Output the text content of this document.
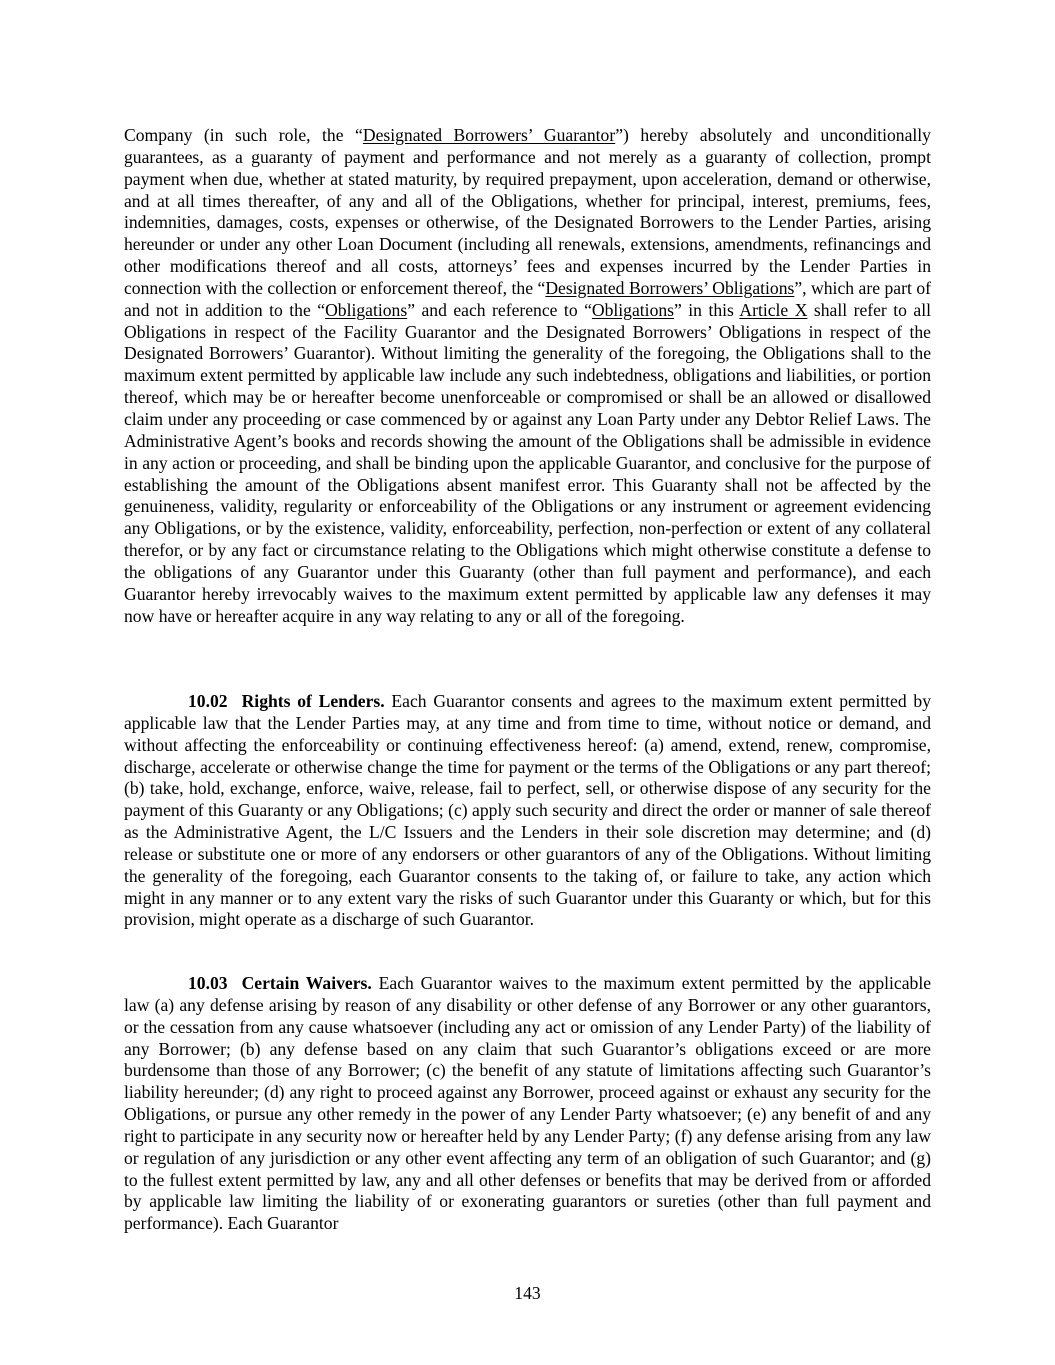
Company (in such role, the “Designated Borrowers’ Guarantor”) hereby absolutely and unconditionally guarantees, as a guaranty of payment and performance and not merely as a guaranty of collection, prompt payment when due, whether at stated maturity, by required prepayment, upon acceleration, demand or otherwise, and at all times thereafter, of any and all of the Obligations, whether for principal, interest, premiums, fees, indemnities, damages, costs, expenses or otherwise, of the Designated Borrowers to the Lender Parties, arising hereunder or under any other Loan Document (including all renewals, extensions, amendments, refinancings and other modifications thereof and all costs, attorneys’ fees and expenses incurred by the Lender Parties in connection with the collection or enforcement thereof, the “Designated Borrowers’ Obligations”, which are part of and not in addition to the “Obligations” and each reference to “Obligations” in this Article X shall refer to all Obligations in respect of the Facility Guarantor and the Designated Borrowers’ Obligations in respect of the Designated Borrowers’ Guarantor). Without limiting the generality of the foregoing, the Obligations shall to the maximum extent permitted by applicable law include any such indebtedness, obligations and liabilities, or portion thereof, which may be or hereafter become unenforceable or compromised or shall be an allowed or disallowed claim under any proceeding or case commenced by or against any Loan Party under any Debtor Relief Laws. The Administrative Agent’s books and records showing the amount of the Obligations shall be admissible in evidence in any action or proceeding, and shall be binding upon the applicable Guarantor, and conclusive for the purpose of establishing the amount of the Obligations absent manifest error. This Guaranty shall not be affected by the genuineness, validity, regularity or enforceability of the Obligations or any instrument or agreement evidencing any Obligations, or by the existence, validity, enforceability, perfection, non-perfection or extent of any collateral therefor, or by any fact or circumstance relating to the Obligations which might otherwise constitute a defense to the obligations of any Guarantor under this Guaranty (other than full payment and performance), and each Guarantor hereby irrevocably waives to the maximum extent permitted by applicable law any defenses it may now have or hereafter acquire in any way relating to any or all of the foregoing.

10.02 Rights of Lenders. Each Guarantor consents and agrees to the maximum extent permitted by applicable law that the Lender Parties may, at any time and from time to time, without notice or demand, and without affecting the enforceability or continuing effectiveness hereof: (a) amend, extend, renew, compromise, discharge, accelerate or otherwise change the time for payment or the terms of the Obligations or any part thereof; (b) take, hold, exchange, enforce, waive, release, fail to perfect, sell, or otherwise dispose of any security for the payment of this Guaranty or any Obligations; (c) apply such security and direct the order or manner of sale thereof as the Administrative Agent, the L/C Issuers and the Lenders in their sole discretion may determine; and (d) release or substitute one or more of any endorsers or other guarantors of any of the Obligations. Without limiting the generality of the foregoing, each Guarantor consents to the taking of, or failure to take, any action which might in any manner or to any extent vary the risks of such Guarantor under this Guaranty or which, but for this provision, might operate as a discharge of such Guarantor.

10.03 Certain Waivers. Each Guarantor waives to the maximum extent permitted by the applicable law (a) any defense arising by reason of any disability or other defense of any Borrower or any other guarantors, or the cessation from any cause whatsoever (including any act or omission of any Lender Party) of the liability of any Borrower; (b) any defense based on any claim that such Guarantor’s obligations exceed or are more burdensome than those of any Borrower; (c) the benefit of any statute of limitations affecting such Guarantor’s liability hereunder; (d) any right to proceed against any Borrower, proceed against or exhaust any security for the Obligations, or pursue any other remedy in the power of any Lender Party whatsoever; (e) any benefit of and any right to participate in any security now or hereafter held by any Lender Party; (f) any defense arising from any law or regulation of any jurisdiction or any other event affecting any term of an obligation of such Guarantor; and (g) to the fullest extent permitted by law, any and all other defenses or benefits that may be derived from or afforded by applicable law limiting the liability of or exonerating guarantors or sureties (other than full payment and performance). Each Guarantor

143
